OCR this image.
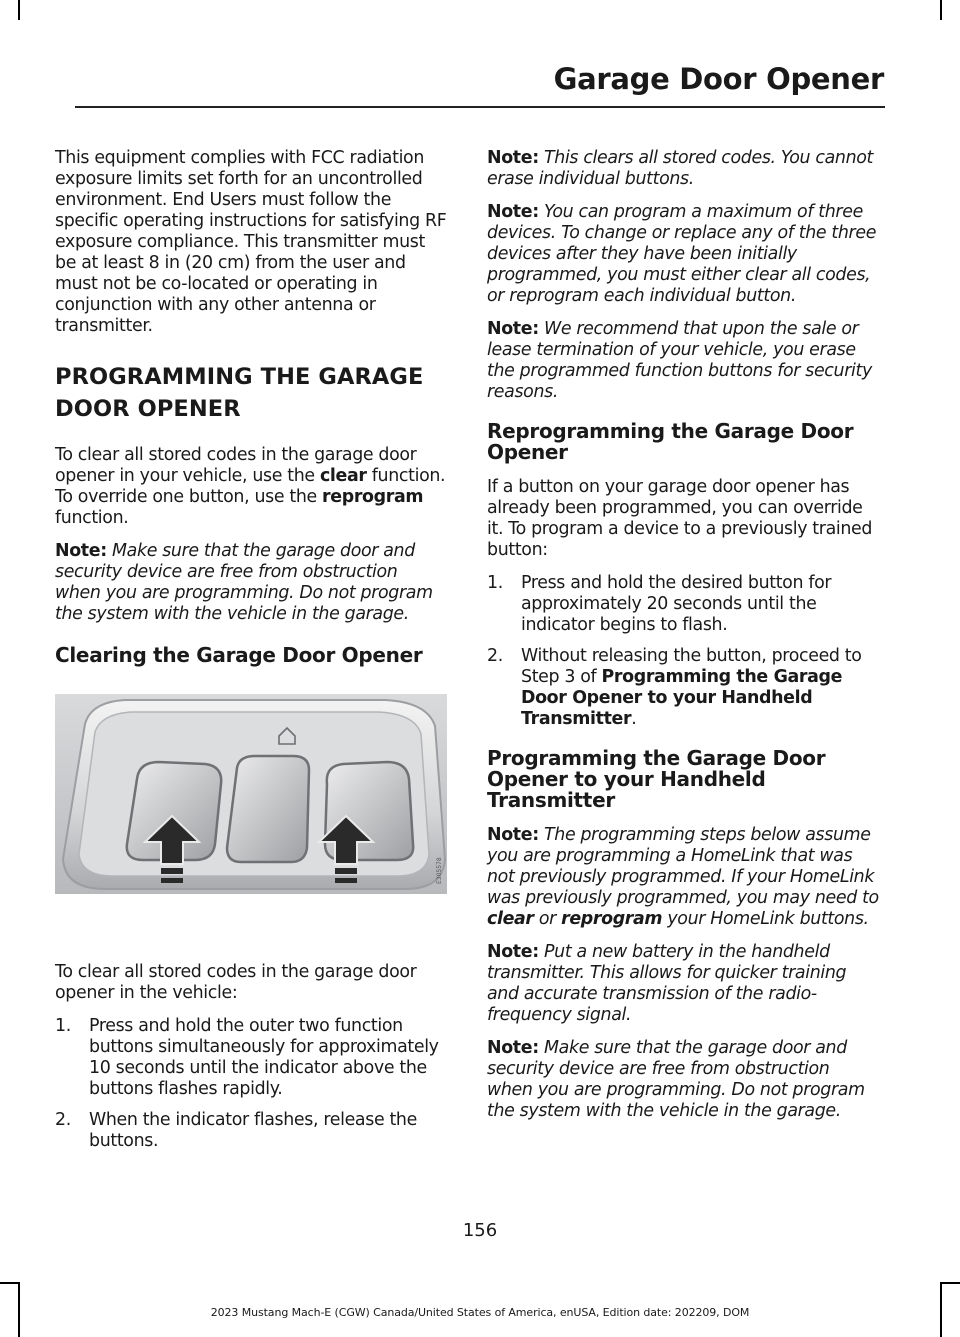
Garage Door Opener

This equipment complies with FCC radiation exposure limits set forth for an uncontrolled environment. End Users must follow the specific operating instructions for satisfying RF exposure compliance. This transmitter must be at least 8 in (20 cm) from the user and must not be co-located or operating in conjunction with any other antenna or transmitter.

PROGRAMMING THE GARAGE
DOOR OPENER

To clear all stored codes in the garage door opener in your vehicle, use the clear function. To override one button, use the reprogram function.

Note: Make sure that the garage door and security device are free from obstruction when you are programming. Do not program the system with the vehicle in the garage.

Clearing the Garage Door Opener
E305578

To clear all stored codes in the garage door opener in the vehicle:

1. Press and hold the outer two function buttons simultaneously for approximately 10 seconds until the indicator above the buttons flashes rapidly.
2. When the indicator flashes, release the buttons.

Note: This clears all stored codes. You cannot erase individual buttons.

Note: You can program a maximum of three devices. To change or replace any of the three devices after they have been initially programmed, you must either clear all codes, or reprogram each individual button.

Note: We recommend that upon the sale or lease termination of your vehicle, you erase the programmed function buttons for security reasons.

Reprogramming the Garage Door Opener

If a button on your garage door opener has already been programmed, you can override it. To program a device to a previously trained button:

1. Press and hold the desired button for approximately 20 seconds until the indicator begins to flash.
2. Without releasing the button, proceed to Step 3 of Programming the Garage Door Opener to your Handheld Transmitter.
Programming the Garage Door Opener to your Handheld Transmitter

Note: The programming steps below assume you are programming a HomeLink that was not previously programmed. If your HomeLink was previously programmed, you may need to clear or reprogram your HomeLink buttons.

Note: Put a new battery in the handheld transmitter. This allows for quicker training and accurate transmission of the radio-frequency signal.

Note: Make sure that the garage door and security device are free from obstruction when you are programming. Do not program the system with the vehicle in the garage.

156
2023 Mustang Mach-E (CGW) Canada/United States of America, enUSA, Edition date: 202209, DOM
